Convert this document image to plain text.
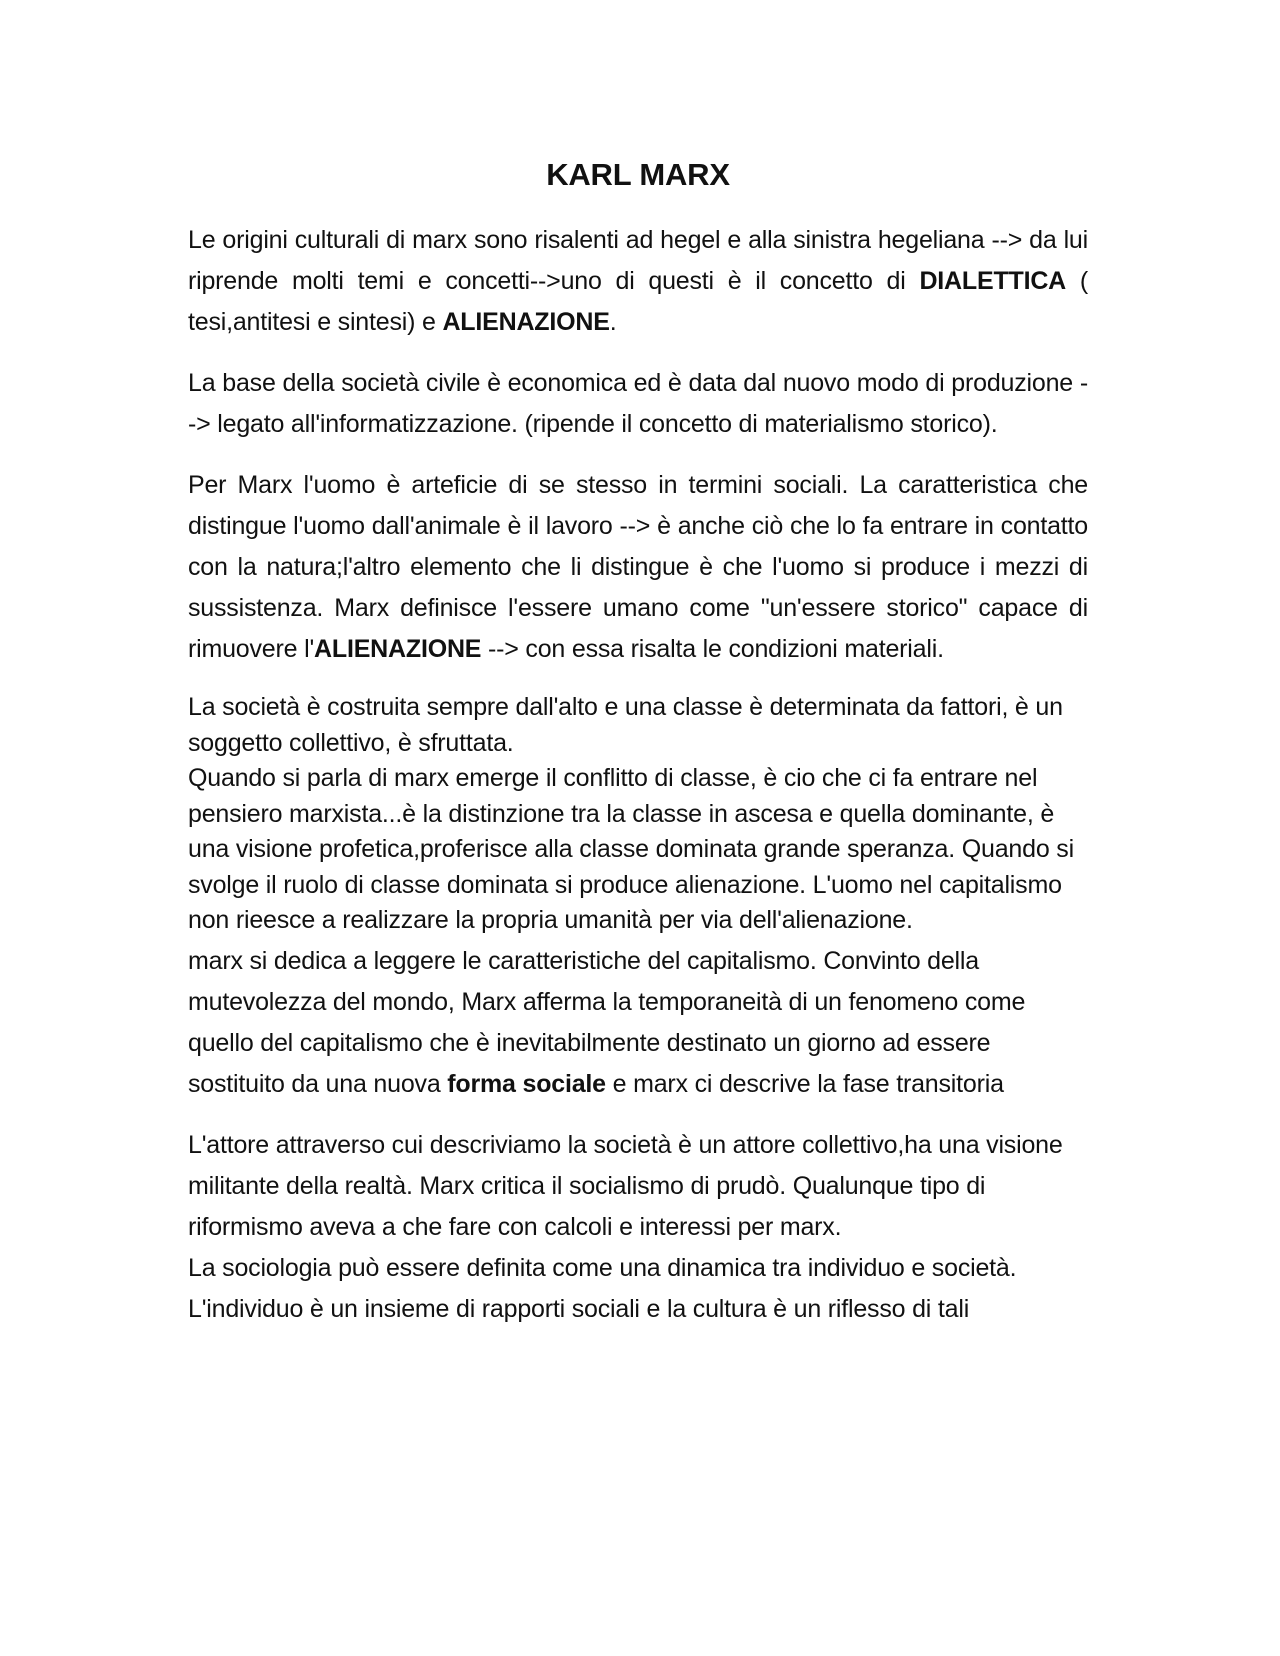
KARL MARX

Le origini culturali di marx sono risalenti ad hegel e alla sinistra hegeliana --> da lui riprende molti temi e concetti-->uno di questi è il concetto di DIALETTICA ( tesi,antitesi e sintesi) e ALIENAZIONE.

La base della società civile è economica ed è data dal nuovo modo di produzione --> legato all'informatizzazione. (ripende il concetto di materialismo storico).

Per Marx l'uomo è arteficie di se stesso in termini sociali. La caratteristica che distingue l'uomo dall'animale è il lavoro --> è anche ciò che lo fa entrare in contatto con la natura;l'altro elemento che li distingue è che l'uomo si produce i mezzi di sussistenza. Marx definisce l'essere umano come "un'essere storico" capace di rimuovere l'ALIENAZIONE --> con essa risalta le condizioni materiali.

La società è costruita sempre dall'alto e una classe è determinata da fattori, è un soggetto collettivo, è sfruttata.

Quando si parla di marx emerge il conflitto di classe, è cio che ci fa entrare nel pensiero marxista...è la distinzione tra la classe in ascesa e quella dominante, è una visione profetica,proferisce alla classe dominata grande speranza. Quando si svolge il ruolo di classe dominata si produce alienazione. L'uomo nel capitalismo non rieesce a realizzare la propria umanità per via dell'alienazione.

marx si dedica a leggere le caratteristiche del capitalismo. Convinto della mutevolezza del mondo, Marx afferma la temporaneità di un fenomeno come quello del capitalismo che è inevitabilmente destinato un giorno ad essere sostituito da una nuova forma sociale e marx ci descrive la fase transitoria

L'attore attraverso cui descriviamo la società è un attore collettivo,ha una visione militante della realtà. Marx critica il socialismo di prudò. Qualunque tipo di riformismo aveva a che fare con calcoli e interessi per marx.

La sociologia può essere definita come una dinamica tra individuo e società. L'individuo è un insieme di rapporti sociali e la cultura è un riflesso di tali
